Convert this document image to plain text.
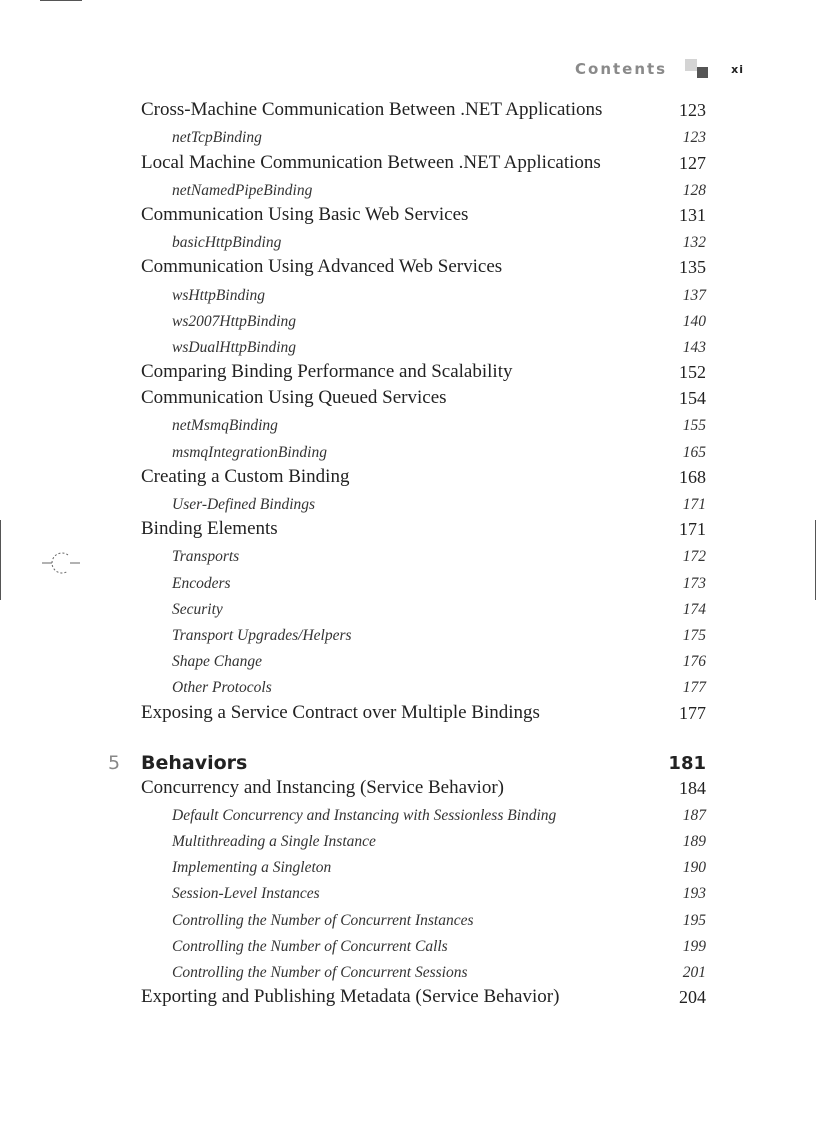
Contents	xi
Cross-Machine Communication Between .NET Applications	123
netTcpBinding	123
Local Machine Communication Between .NET Applications	127
netNamedPipeBinding	128
Communication Using Basic Web Services	131
basicHttpBinding	132
Communication Using Advanced Web Services	135
wsHttpBinding	137
ws2007HttpBinding	140
wsDualHttpBinding	143
Comparing Binding Performance and Scalability	152
Communication Using Queued Services	154
netMsmqBinding	155
msmqIntegrationBinding	165
Creating a Custom Binding	168
User-Defined Bindings	171
Binding Elements	171
Transports	172
Encoders	173
Security	174
Transport Upgrades/Helpers	175
Shape Change	176
Other Protocols	177
Exposing a Service Contract over Multiple Bindings	177
5 Behaviors	181
Concurrency and Instancing (Service Behavior)	184
Default Concurrency and Instancing with Sessionless Binding	187
Multithreading a Single Instance	189
Implementing a Singleton	190
Session-Level Instances	193
Controlling the Number of Concurrent Instances	195
Controlling the Number of Concurrent Calls	199
Controlling the Number of Concurrent Sessions	201
Exporting and Publishing Metadata (Service Behavior)	204
